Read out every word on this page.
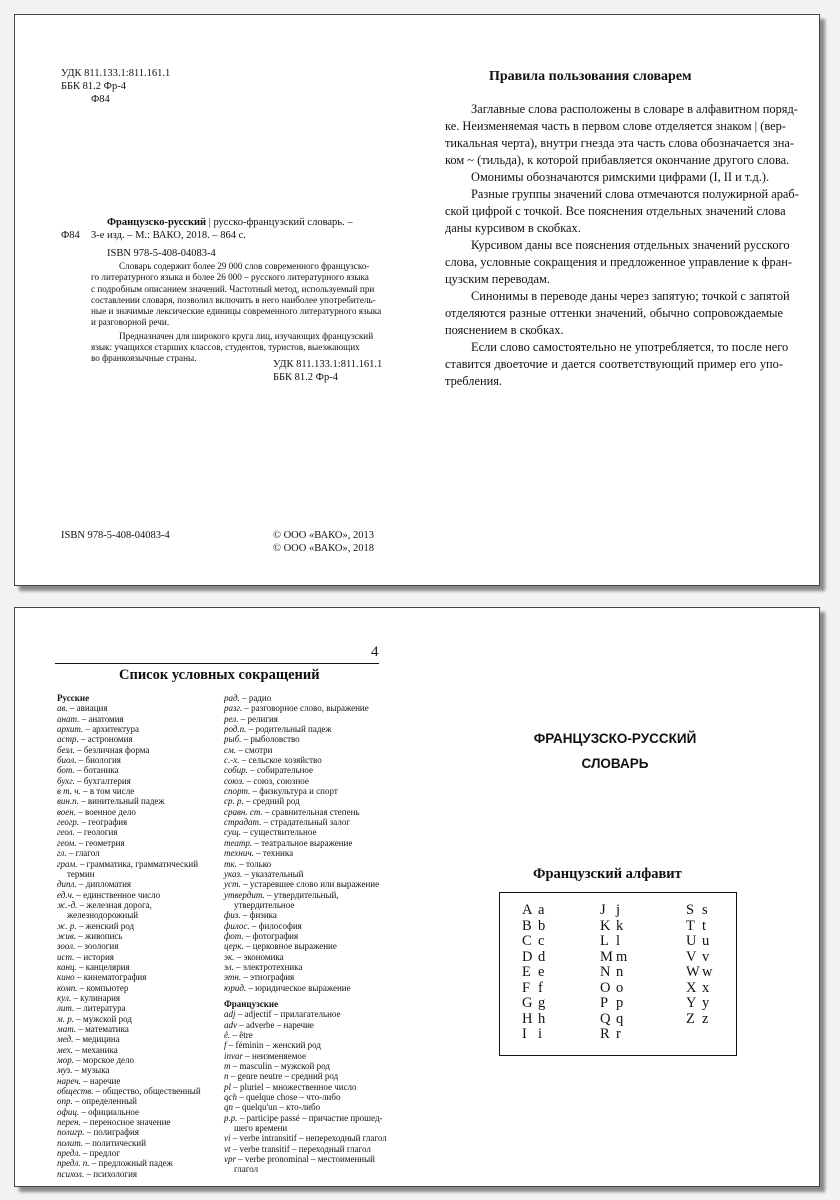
УДК 811.133.1:811.161.1
ББК 81.2 Фр-4
Ф84
Ф84
Французско-русский | русско-французский словарь. –
3-е изд. – М.: ВАКО, 2018. – 864 с.
ISBN 978-5-408-04083-4
Словарь содержит более 29 000 слов современного французско-
го литературного языка и более 26 000 – русского литературного языка
с подробным описанием значений. Частотный метод, используемый при
составлении словаря, позволил включить в него наиболее употребитель-
ные и значимые лексические единицы современного литературного языка
и разговорной речи.
Предназначен для широкого круга лиц, изучающих французский
язык: учащихся старших классов, студентов, туристов, выезжающих
во франкоязычные страны.
УДК 811.133.1:811.161.1
ББК 81.2 Фр-4
ISBN 978-5-408-04083-4	© ООО «ВАКО», 2013
© ООО «ВАКО», 2018
Правила пользования словарем
Заглавные слова расположены в словаре в алфавитном поряд-
ке. Неизменяемая часть в первом слове отделяется знаком | (вер-
тикальная черта), внутри гнезда эта часть слова обозначается зна-
ком ~ (тильда), к которой прибавляется окончание другого слова.
Омонимы обозначаются римскими цифрами (I, II и т.д.).
Разные группы значений слова отмечаются полужирной араб-
ской цифрой с точкой. Все пояснения отдельных значений слова
даны курсивом в скобках.
Курсивом даны все пояснения отдельных значений русского
слова, условные сокращения и предложенное управление к фран-
цузским переводам.
Синонимы в переводе даны через запятую; точкой с запятой
отделяются разные оттенки значений, обычно сопровождаемые
пояснением в скобках.
Если слово самостоятельно не употребляется, то после него
ставится двоеточие и дается соответствующий пример его упо-
требления.
4
Список условных сокращений
Русские
ав. – авиация
анат. – анатомия
архит. – архитектура
астр. – астрономия
безл. – безличная форма
биол. – биология
бот. – ботаника
бухг. – бухгалтерия
в т. ч. – в том числе
вин.п. – винительный падеж
воен. – военное дело
геогр. – география
геол. – геология
геом. – геометрия
гл. – глагол
грам. – грамматика, грамматический
термин
дипл. – дипломатия
ед.ч. – единственное число
ж.-д. – железная дорога,
железнодорожный
ж. р. – женский род
жив. – живопись
зоол. – зоология
ист. – история
канц. – канцелярия
кино – кинематография
комп. – компьютер
кул. – кулинария
лит. – литература
м. р. – мужской род
мат. – математика
мед. – медицина
мех. – механика
мор. – морское дело
муз. – музыка
нареч. – наречие
обществ. – общество, общественный
опр. – определенный
офиц. – официальное
перен. – переносное значение
полигр. – полиграфия
полит. – политический
предл. – предлог
предл. п. – предложный падеж
психол. – психология
рад. – радио
разг. – разговорное слово, выражение
рел. – религия
род.п. – родительный падеж
рыб. – рыболовство
см. – смотри
с.-х. – сельское хозяйство
собир. – собирательное
союз. – союз, союзное
спорт. – физкультура и спорт
ср. р. – средний род
сравн. ст. – сравнительная степень
страдат. – страдательный залог
сущ. – существительное
театр. – театральное выражение
технич. – техника
тк. – только
указ. – указательный
уст. – устаревшее слово или выражение
утвердит. – утвердительный,
утвердительное
физ. – физика
филос. – философия
фот. – фотография
церк. – церковное выражение
эк. – экономика
эл. – электротехника
этн. – этнография
юрид. – юридическое выражение
Французские
adj – adjectif – прилагательное
adv – adverbe – наречие
ê. – être
f – féminin – женский род
invar – неизменяемое
m – masculin – мужской род
n – genre neutre – средний род
pl – pluriel – множественное число
qch – quelque chose – что-либо
qn – quelqu'un – кто-либо
p.p. – participe passé – причастие прошед-
шего времени
vi – verbe intransitif – непереходный глагол
vt – verbe transitif – переходный глагол
vpr – verbe pronominal – местоименный
глагол
ФРАНЦУЗСКО-РУССКИЙ
СЛОВАРЬ
Французский алфавит
A a
B b
C c
D d
E e
F f
G g
H h
I i
J j
K k
L l
M m
N n
O o
P p
Q q
R r
S s
T t
U u
V v
W w
X x
Y y
Z z
